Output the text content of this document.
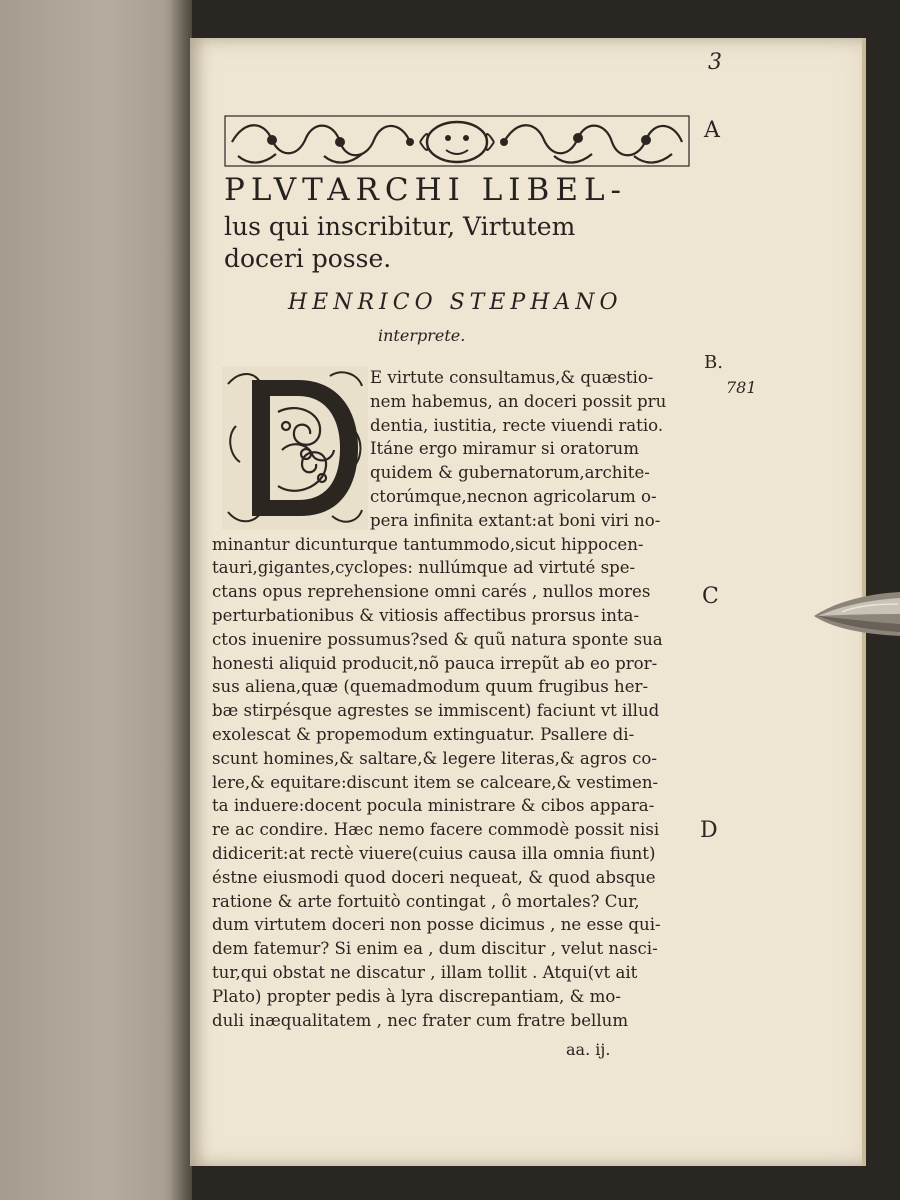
3
A
B.
781
C
D
PLVTARCHI LIBEL-
lus qui inscribitur, Virtutem
doceri posse.
HENRICO STEPHANO
interprete.
E virtute consultamus,& quæstio-
nem habemus, an doceri possit pru
dentia, iustitia, recte viuendi ratio.
Itáne ergo miramur si oratorum
quidem & gubernatorum,archite-
ctorúmque,necnon agricolarum o-
pera infinita extant:at boni viri no-
minantur dicunturque tantummodo,sicut hippocen-
tauri,gigantes,cyclopes: nullúmque ad virtuté spe-
ctans opus reprehensione omni carés , nullos mores
perturbationibus & vitiosis affectibus prorsus inta-
ctos inuenire possumus?sed & quũ natura sponte sua
honesti aliquid producit,nõ pauca irrepũt ab eo pror-
sus aliena,quæ (quemadmodum quum frugibus her-
bæ stirpésque agrestes se immiscent) faciunt vt illud
exolescat & propemodum extinguatur. Psallere di-
scunt homines,& saltare,& legere literas,& agros co-
lere,& equitare:discunt item se calceare,& vestimen-
ta induere:docent pocula ministrare & cibos appara-
re ac condire. Hæc nemo facere commodè possit nisi
didicerit:at rectè viuere(cuius causa illa omnia fiunt)
éstne eiusmodi quod doceri nequeat, & quod absque
ratione & arte fortuitò contingat , ô mortales? Cur,
dum virtutem doceri non posse dicimus , ne esse qui-
dem fatemur? Si enim ea , dum discitur , velut nasci-
tur,qui obstat ne discatur , illam tollit . Atqui(vt ait
Plato) propter pedis à lyra discrepantiam, & mo-
duli inæqualitatem , nec frater cum fratre bellum
aa. ij.
